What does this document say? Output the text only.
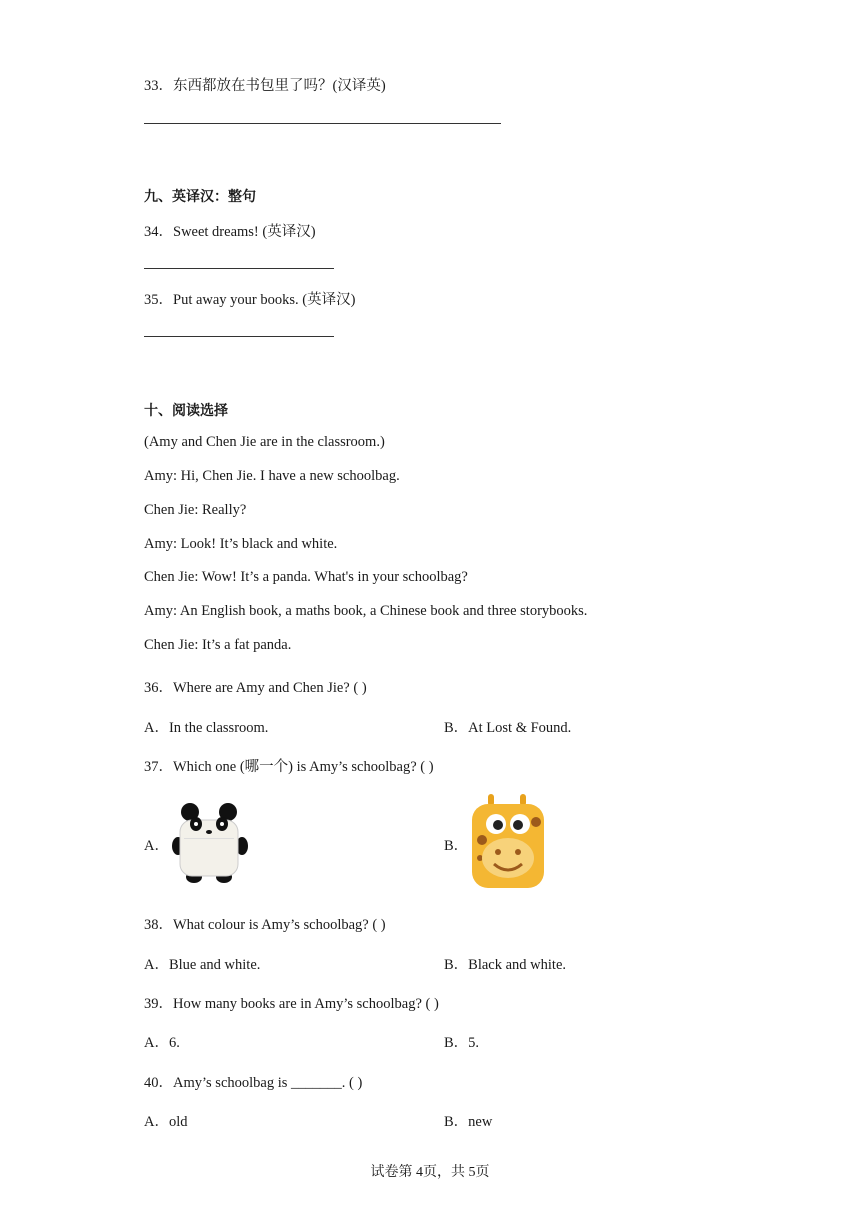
33．东西都放在书包里了吗？(汉译英)
九、英译汉：整句
34．Sweet dreams! (英译汉)
35．Put away your books. (英译汉)
十、阅读选择
(Amy and Chen Jie are in the classroom.)
Amy: Hi, Chen Jie. I have a new schoolbag.
Chen Jie: Really?
Amy: Look! It’s black and white.
Chen Jie: Wow! It’s a panda. What's in your schoolbag?
Amy: An English book, a maths book, a Chinese book and three storybooks.
Chen Jie: It’s a fat panda.
36．Where are Amy and Chen Jie? ( )
A．In the classroom.	B．At Lost & Found.
37．Which one (哪一个) is Amy’s schoolbag? ( )
A．	B．
38．What colour is Amy’s schoolbag? ( )
A．Blue and white.	B．Black and white.
39．How many books are in Amy’s schoolbag? ( )
A．6.	B．5.
40．Amy’s schoolbag is _______. ( )
A．old	B．new
试卷第 4页，共 5页
